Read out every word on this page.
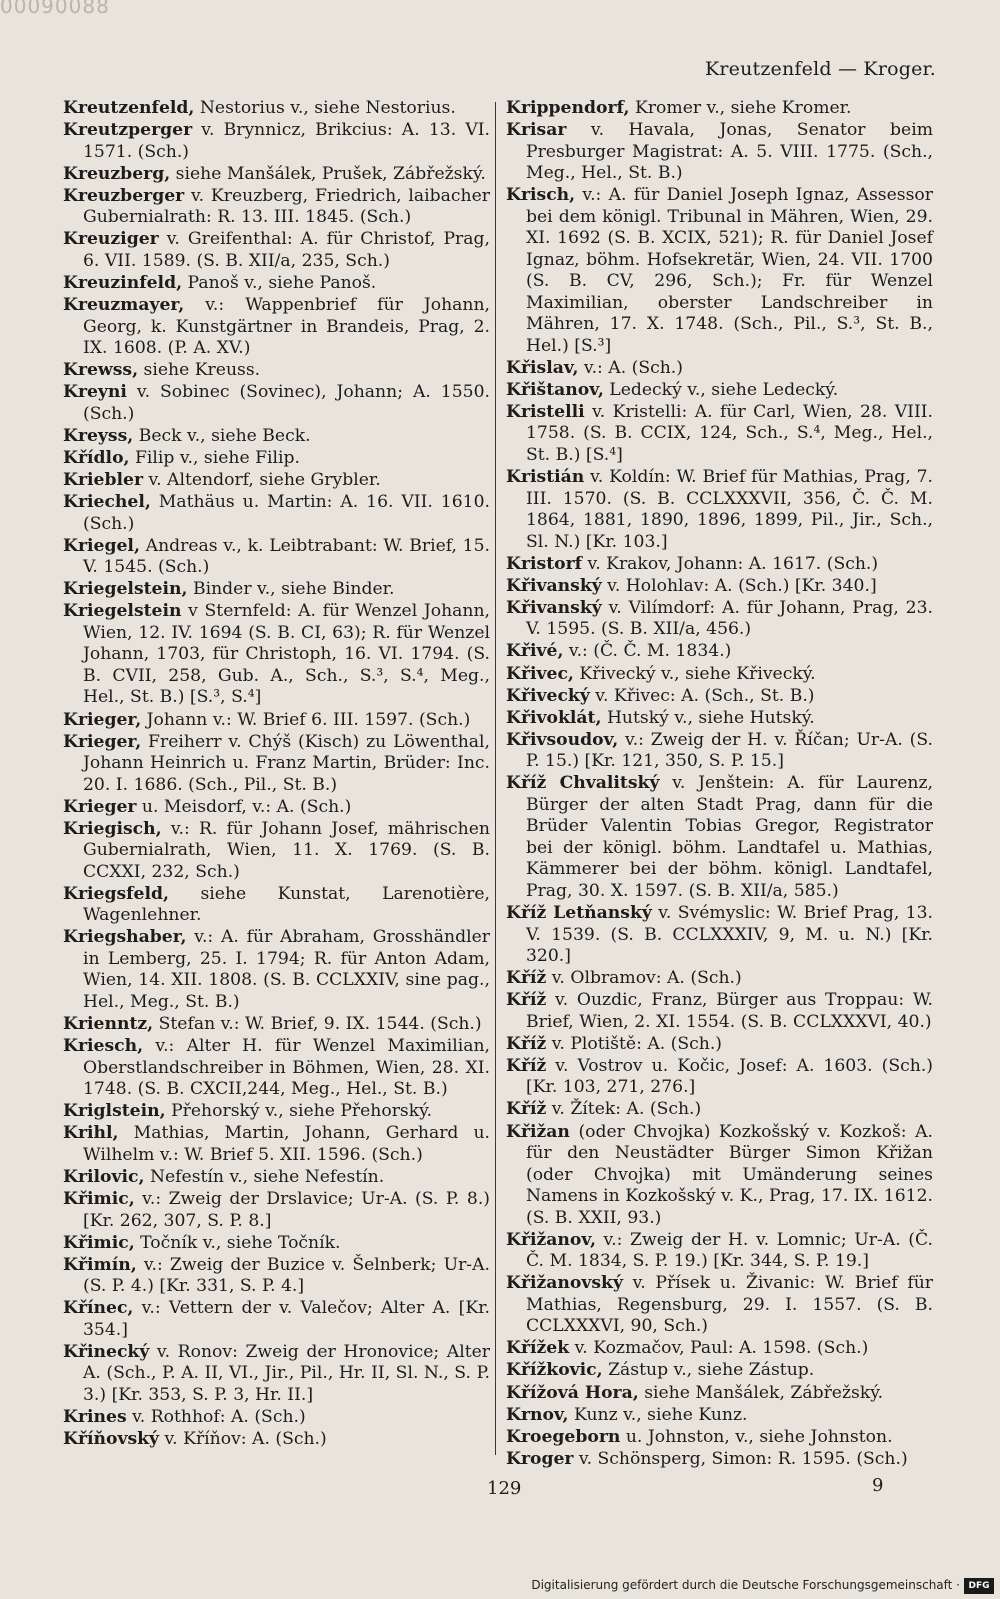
00090088
Kreutzenfeld — Kroger.
Kreutzenfeld, Nestorius v., siehe Nestorius.
Kreutzperger v. Brynnicz, Brikcius: A. 13. VI. 1571. (Sch.)
Kreuzberg, siehe Manšálek, Prušek, Zábřežský.
Kreuzberger v. Kreuzberg, Friedrich, laibacher Gubernialrath: R. 13. III. 1845. (Sch.)
Kreuziger v. Greifenthal: A. für Christof, Prag, 6. VII. 1589. (S. B. XII/a, 235, Sch.)
Kreuzinfeld, Panoš v., siehe Panoš.
Kreuzmayer, v.: Wappenbrief für Johann, Georg, k. Kunstgärtner in Brandeis, Prag, 2. IX. 1608. (P. A. XV.)
Krewss, siehe Kreuss.
Kreyni v. Sobinec (Sovinec), Johann; A. 1550. (Sch.)
Kreyss, Beck v., siehe Beck.
Křídlo, Filip v., siehe Filip.
Kriebler v. Altendorf, siehe Grybler.
Kriechel, Mathäus u. Martin: A. 16. VII. 1610. (Sch.)
Kriegel, Andreas v., k. Leibtrabant: W. Brief, 15. V. 1545. (Sch.)
Kriegelstein, Binder v., siehe Binder.
Kriegelstein v Sternfeld: A. für Wenzel Johann, Wien, 12. IV. 1694 (S. B. CI, 63); R. für Wenzel Johann, 1703, für Christoph, 16. VI. 1794. (S. B. CVII, 258, Gub. A., Sch., S.³, S.⁴, Meg., Hel., St. B.) [S.³, S.⁴]
Krieger, Johann v.: W. Brief 6. III. 1597. (Sch.)
Krieger, Freiherr v. Chýš (Kisch) zu Löwenthal, Johann Heinrich u. Franz Martin, Brüder: Inc. 20. I. 1686. (Sch., Pil., St. B.)
Krieger u. Meisdorf, v.: A. (Sch.)
Kriegisch, v.: R. für Johann Josef, mährischen Gubernialrath, Wien, 11. X. 1769. (S. B. CCXXI, 232, Sch.)
Kriegsfeld, siehe Kunstat, Larenotière, Wagenlehner.
Kriegshaber, v.: A. für Abraham, Grosshändler in Lemberg, 25. I. 1794; R. für Anton Adam, Wien, 14. XII. 1808. (S. B. CCLXXIV, sine pag., Hel., Meg., St. B.)
Krienntz, Stefan v.: W. Brief, 9. IX. 1544. (Sch.)
Kriesch, v.: Alter H. für Wenzel Maximilian, Oberstlandschreiber in Böhmen, Wien, 28. XI. 1748. (S. B. CXCII,244, Meg., Hel., St. B.)
Kriglstein, Přehorský v., siehe Přehorský.
Krihl, Mathias, Martin, Johann, Gerhard u. Wilhelm v.: W. Brief 5. XII. 1596. (Sch.)
Krilovic, Nefestín v., siehe Nefestín.
Křimic, v.: Zweig der Drslavice; Ur-A. (S. P. 8.) [Kr. 262, 307, S. P. 8.]
Křimic, Točník v., siehe Točník.
Křimín, v.: Zweig der Buzice v. Šelnberk; Ur-A. (S. P. 4.) [Kr. 331, S. P. 4.]
Křínec, v.: Vettern der v. Valečov; Alter A. [Kr. 354.]
Křinecký v. Ronov: Zweig der Hronovice; Alter A. (Sch., P. A. II, VI., Jir., Pil., Hr. II, Sl. N., S. P. 3.) [Kr. 353, S. P. 3, Hr. II.]
Krines v. Rothhof: A. (Sch.)
Kříňovský v. Kříňov: A. (Sch.)
Krippendorf, Kromer v., siehe Kromer.
Krisar v. Havala, Jonas, Senator beim Presburger Magistrat: A. 5. VIII. 1775. (Sch., Meg., Hel., St. B.)
Krisch, v.: A. für Daniel Joseph Ignaz, Assessor bei dem königl. Tribunal in Mähren, Wien, 29. XI. 1692 (S. B. XCIX, 521); R. für Daniel Josef Ignaz, böhm. Hofsekretär, Wien, 24. VII. 1700 (S. B. CV, 296, Sch.); Fr. für Wenzel Maximilian, oberster Landschreiber in Mähren, 17. X. 1748. (Sch., Pil., S.³, St. B., Hel.) [S.³]
Křislav, v.: A. (Sch.)
Křištanov, Ledecký v., siehe Ledecký.
Kristelli v. Kristelli: A. für Carl, Wien, 28. VIII. 1758. (S. B. CCIX, 124, Sch., S.⁴, Meg., Hel., St. B.) [S.⁴]
Kristián v. Koldín: W. Brief für Mathias, Prag, 7. III. 1570. (S. B. CCLXXXVII, 356, Č. Č. M. 1864, 1881, 1890, 1896, 1899, Pil., Jir., Sch., Sl. N.) [Kr. 103.]
Kristorf v. Krakov, Johann: A. 1617. (Sch.)
Křivanský v. Holohlav: A. (Sch.) [Kr. 340.]
Křivanský v. Vilímdorf: A. für Johann, Prag, 23. V. 1595. (S. B. XII/a, 456.)
Křivé, v.: (Č. Č. M. 1834.)
Křivec, Křivecký v., siehe Křivecký.
Křivecký v. Křivec: A. (Sch., St. B.)
Křivoklát, Hutský v., siehe Hutský.
Křivsoudov, v.: Zweig der H. v. Říčan; Ur-A. (S. P. 15.) [Kr. 121, 350, S. P. 15.]
Kříž Chvalitský v. Jenštein: A. für Laurenz, Bürger der alten Stadt Prag, dann für die Brüder Valentin Tobias Gregor, Registrator bei der königl. böhm. Landtafel u. Mathias, Kämmerer bei der böhm. königl. Landtafel, Prag, 30. X. 1597. (S. B. XII/a, 585.)
Kříž Letňanský v. Svémyslic: W. Brief Prag, 13. V. 1539. (S. B. CCLXXXIV, 9, M. u. N.) [Kr. 320.]
Kříž v. Olbramov: A. (Sch.)
Kříž v. Ouzdic, Franz, Bürger aus Troppau: W. Brief, Wien, 2. XI. 1554. (S. B. CCLXXXVI, 40.)
Kříž v. Plotiště: A. (Sch.)
Kříž v. Vostrov u. Kočic, Josef: A. 1603. (Sch.) [Kr. 103, 271, 276.]
Kříž v. Žítek: A. (Sch.)
Křižan (oder Chvojka) Kozkošský v. Kozkoš: A. für den Neustädter Bürger Simon Křižan (oder Chvojka) mit Umänderung seines Namens in Kozkošský v. K., Prag, 17. IX. 1612. (S. B. XXII, 93.)
Křižanov, v.: Zweig der H. v. Lomnic; Ur-A. (Č. Č. M. 1834, S. P. 19.) [Kr. 344, S. P. 19.]
Křižanovský v. Přísek u. Živanic: W. Brief für Mathias, Regensburg, 29. I. 1557. (S. B. CCLXXXVI, 90, Sch.)
Křížek v. Kozmačov, Paul: A. 1598. (Sch.)
Křížkovic, Zástup v., siehe Zástup.
Křížová Hora, siehe Manšálek, Zábřežský.
Krnov, Kunz v., siehe Kunz.
Kroegeborn u. Johnston, v., siehe Johnston.
Kroger v. Schönsperg, Simon: R. 1595. (Sch.)
129	9
Digitalisierung gefördert durch die Deutsche Forschungsgemeinschaft · DFG
